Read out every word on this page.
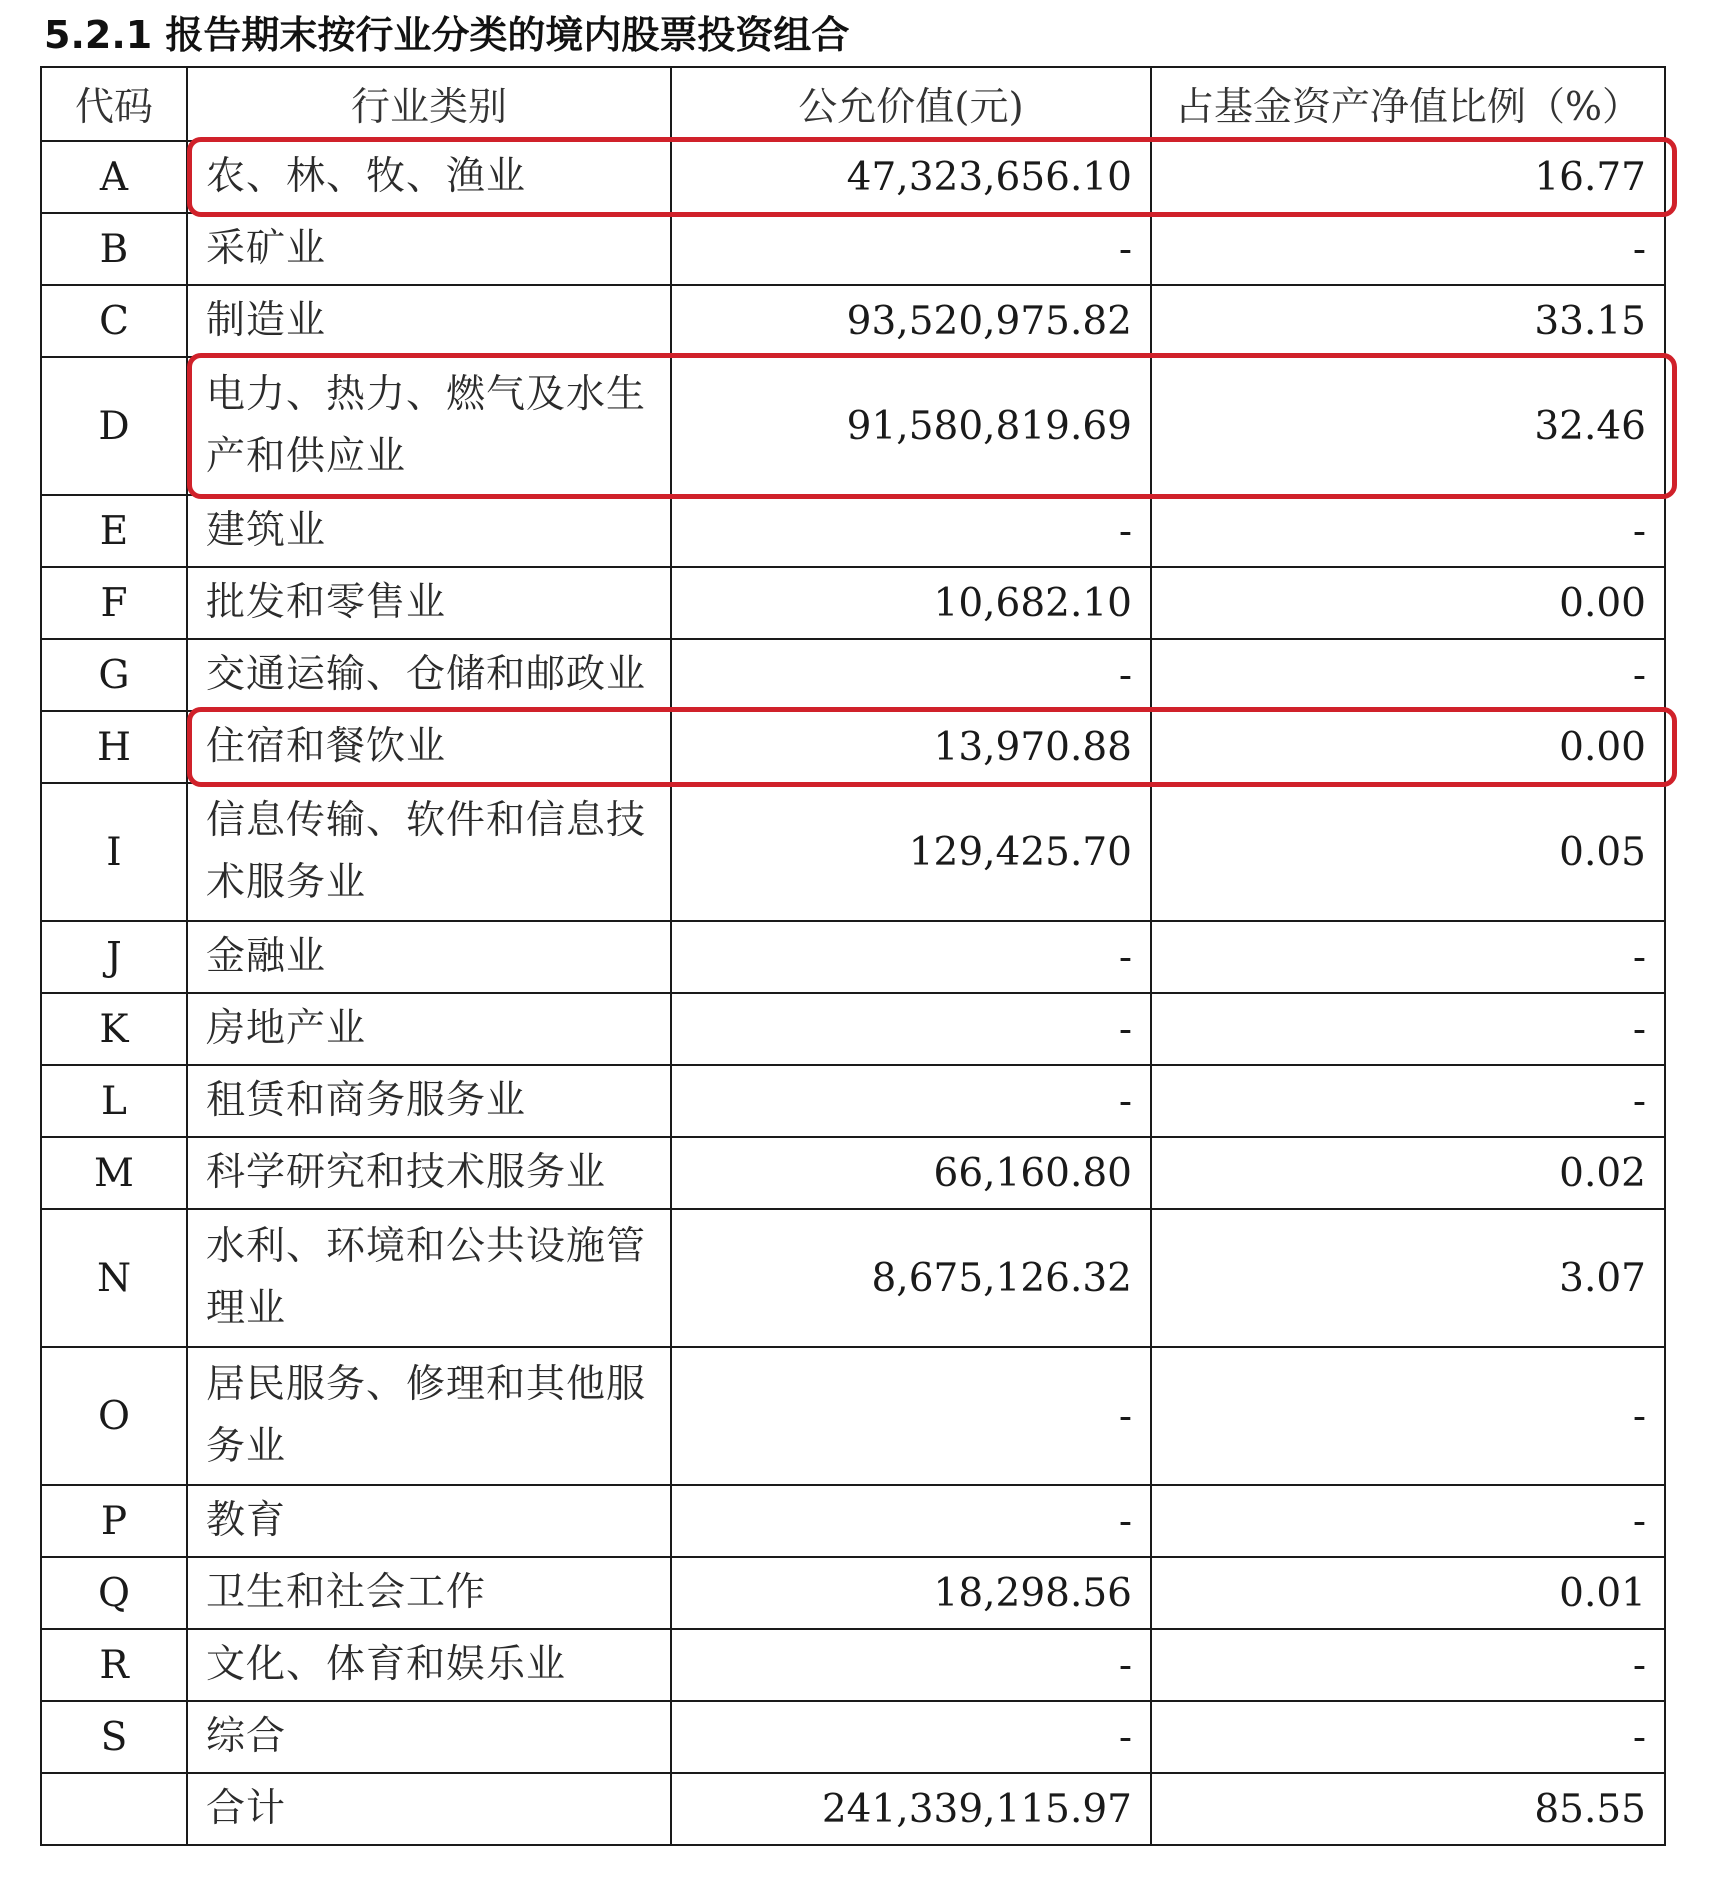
5.2.1 报告期末按行业分类的境内股票投资组合
代码	行业类别	公允价值(元)	占基金资产净值比例（%）
A	农、林、牧、渔业	47,323,656.10	16.77
B	采矿业	-	-
C	制造业	93,520,975.82	33.15
D	电力、热力、燃气及水生产和供应业	91,580,819.69	32.46
E	建筑业	-	-
F	批发和零售业	10,682.10	0.00
G	交通运输、仓储和邮政业	-	-
H	住宿和餐饮业	13,970.88	0.00
I	信息传输、软件和信息技术服务业	129,425.70	0.05
J	金融业	-	-
K	房地产业	-	-
L	租赁和商务服务业	-	-
M	科学研究和技术服务业	66,160.80	0.02
N	水利、环境和公共设施管理业	8,675,126.32	3.07
O	居民服务、修理和其他服务业	-	-
P	教育	-	-
Q	卫生和社会工作	18,298.56	0.01
R	文化、体育和娱乐业	-	-
S	综合	-	-
	合计	241,339,115.97	85.55
